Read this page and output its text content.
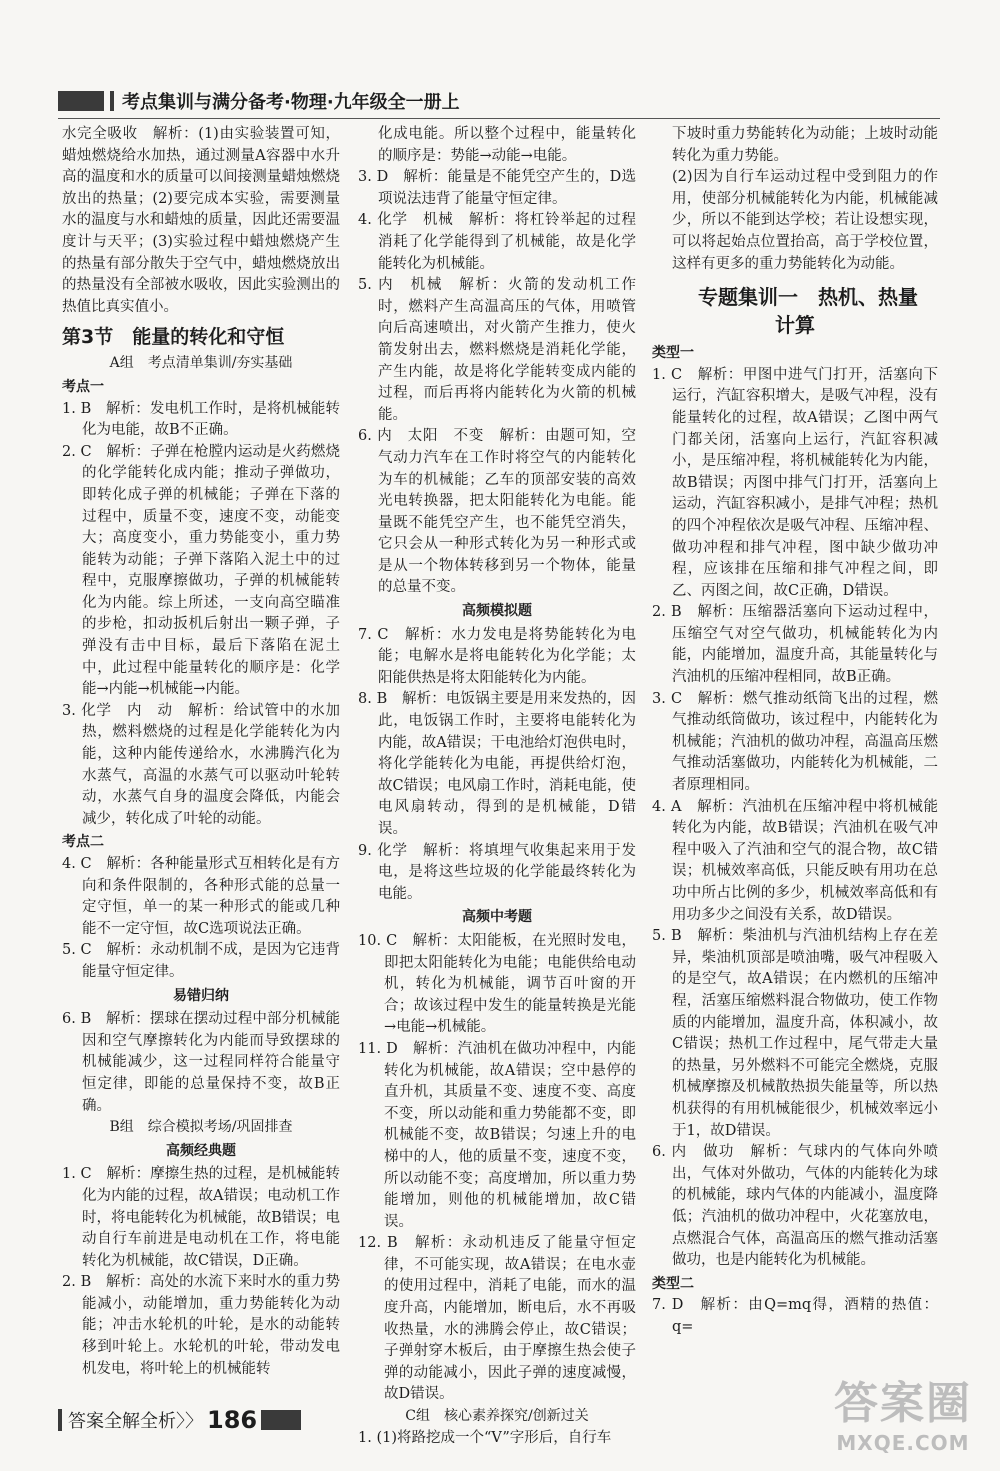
考点集训与满分备考·物理·九年级全一册上

水完全吸收　解析：(1)由实验装置可知，蜡烛燃烧给水加热，通过测量A容器中水升高的温度和水的质量可以间接测量蜡烛燃烧放出的热量；(2)要完成本实验，需要测量水的温度与水和蜡烛的质量，因此还需要温度计与天平；(3)实验过程中蜡烛燃烧产生的热量有部分散失于空气中，蜡烛燃烧放出的热量没有全部被水吸收，因此实验测出的热值比真实值小。

第3节　能量的转化和守恒

A组　考点清单集训/夯实基础

考点一

1. B　解析：发电机工作时，是将机械能转化为电能，故B不正确。

2. C　解析：子弹在枪膛内运动是火药燃烧的化学能转化成内能；推动子弹做功，即转化成子弹的机械能；子弹在下落的过程中，质量不变，速度不变，动能变大；高度变小，重力势能变小，重力势能转为动能；子弹下落陷入泥土中的过程中，克服摩擦做功，子弹的机械能转化为内能。综上所述，一支向高空瞄准的步枪，扣动扳机后射出一颗子弹，子弹没有击中目标，最后下落陷在泥土中，此过程中能量转化的顺序是：化学能→内能→机械能→内能。

3. 化学　内　动　解析：给试管中的水加热，燃料燃烧的过程是化学能转化为内能，这种内能传递给水，水沸腾汽化为水蒸气，高温的水蒸气可以驱动叶轮转动，水蒸气自身的温度会降低，内能会减少，转化成了叶轮的动能。

考点二

4. C　解析：各种能量形式互相转化是有方向和条件限制的，各种形式能的总量一定守恒，单一的某一种形式的能或几种能不一定守恒，故C选项说法正确。

5. C　解析：永动机制不成，是因为它违背能量守恒定律。

易错归纳

6. B　解析：摆球在摆动过程中部分机械能因和空气摩擦转化为内能而导致摆球的机械能减少，这一过程同样符合能量守恒定律，即能的总量保持不变，故B正确。

B组　综合模拟考场/巩固排查

高频经典题

1. C　解析：摩擦生热的过程，是机械能转化为内能的过程，故A错误；电动机工作时，将电能转化为机械能，故B错误；电动自行车前进是电动机在工作，将电能转化为机械能，故C错误，D正确。

2. B　解析：高处的水流下来时水的重力势能减小，动能增加，重力势能转化为动能；冲击水轮机的叶轮，是水的动能转移到叶轮上。水轮机的叶轮，带动发电机发电，将叶轮上的机械能转

化成电能。所以整个过程中，能量转化的顺序是：势能→动能→电能。

3. D　解析：能量是不能凭空产生的，D选项说法违背了能量守恒定律。

4. 化学　机械　解析：将杠铃举起的过程消耗了化学能得到了机械能，故是化学能转化为机械能。

5. 内　机械　解析：火箭的发动机工作时，燃料产生高温高压的气体，用喷管向后高速喷出，对火箭产生推力，使火箭发射出去，燃料燃烧是消耗化学能，产生内能，故是将化学能转变成内能的过程，而后再将内能转化为火箭的机械能。

6. 内　太阳　不变　解析：由题可知，空气动力汽车在工作时将空气的内能转化为车的机械能；乙车的顶部安装的高效光电转换器，把太阳能转化为电能。能量既不能凭空产生，也不能凭空消失，它只会从一种形式转化为另一种形式或是从一个物体转移到另一个物体，能量的总量不变。

高频模拟题

7. C　解析：水力发电是将势能转化为电能；电解水是将电能转化为化学能；太阳能供热是将太阳能转化为内能。

8. B　解析：电饭锅主要是用来发热的，因此，电饭锅工作时，主要将电能转化为内能，故A错误；干电池给灯泡供电时，将化学能转化为电能，再提供给灯泡，故C错误；电风扇工作时，消耗电能，使电风扇转动，得到的是机械能，D错误。

9. 化学　解析：将填埋气收集起来用于发电，是将这些垃圾的化学能最终转化为电能。

高频中考题

10. C　解析：太阳能板，在光照时发电，即把太阳能转化为电能；电能供给电动机，转化为机械能，调节百叶窗的开合；故该过程中发生的能量转换是光能→电能→机械能。

11. D　解析：汽油机在做功冲程中，内能转化为机械能，故A错误；空中悬停的直升机，其质量不变、速度不变、高度不变，所以动能和重力势能都不变，即机械能不变，故B错误；匀速上升的电梯中的人，他的质量不变，速度不变，所以动能不变；高度增加，所以重力势能增加，则他的机械能增加，故C错误。

12. B　解析：永动机违反了能量守恒定律，不可能实现，故A错误；在电水壶的使用过程中，消耗了电能，而水的温度升高，内能增加，断电后，水不再吸收热量，水的沸腾会停止，故C错误；子弹射穿木板后，由于摩擦生热会使子弹的动能减小，因此子弹的速度减慢，故D错误。

C组　核心素养探究/创新过关

1. (1)将路挖成一个“V”字形后，自行车

下坡时重力势能转化为动能；上坡时动能转化为重力势能。

(2)因为自行车运动过程中受到阻力的作用，使部分机械能转化为内能，机械能减少，所以不能到达学校；若让设想实现，可以将起始点位置抬高，高于学校位置，这样有更多的重力势能转化为动能。

专题集训一　热机、热量
计算

类型一

1. C　解析：甲图中进气门打开，活塞向下运行，汽缸容积增大，是吸气冲程，没有能量转化的过程，故A错误；乙图中两气门都关闭，活塞向上运行，汽缸容积减小，是压缩冲程，将机械能转化为内能，故B错误；丙图中排气门打开，活塞向上运动，汽缸容积减小，是排气冲程；热机的四个冲程依次是吸气冲程、压缩冲程、做功冲程和排气冲程，图中缺少做功冲程，应该排在压缩和排气冲程之间，即乙、丙图之间，故C正确，D错误。

2. B　解析：压缩器活塞向下运动过程中，压缩空气对空气做功，机械能转化为内能，内能增加，温度升高，其能量转化与汽油机的压缩冲程相同，故B正确。

3. C　解析：燃气推动纸筒飞出的过程，燃气推动纸筒做功，该过程中，内能转化为机械能；汽油机的做功冲程，高温高压燃气推动活塞做功，内能转化为机械能，二者原理相同。

4. A　解析：汽油机在压缩冲程中将机械能转化为内能，故B错误；汽油机在吸气冲程中吸入了汽油和空气的混合物，故C错误；机械效率高低，只能反映有用功在总功中所占比例的多少，机械效率高低和有用功多少之间没有关系，故D错误。

5. B　解析：柴油机与汽油机结构上存在差异，柴油机顶部是喷油嘴，吸气冲程吸入的是空气，故A错误；在内燃机的压缩冲程，活塞压缩燃料混合物做功，使工作物质的内能增加，温度升高，体积减小，故C错误；热机工作过程中，尾气带走大量的热量，另外燃料不可能完全燃烧，克服机械摩擦及机械散热损失能量等，所以热机获得的有用机械能很少，机械效率远小于1，故D错误。

6. 内　做功　解析：气球内的气体向外喷出，气体对外做功，气体的内能转化为球的机械能，球内气体的内能减小，温度降低；汽油机的做功冲程中，火花塞放电，点燃混合气体，高温高压的燃气推动活塞做功，也是内能转化为机械能。

类型二

7. D　解析：由Q=mq得，酒精的热值：q=

答案全解全析 〉〉 186	答案圈
MXQE.COM
